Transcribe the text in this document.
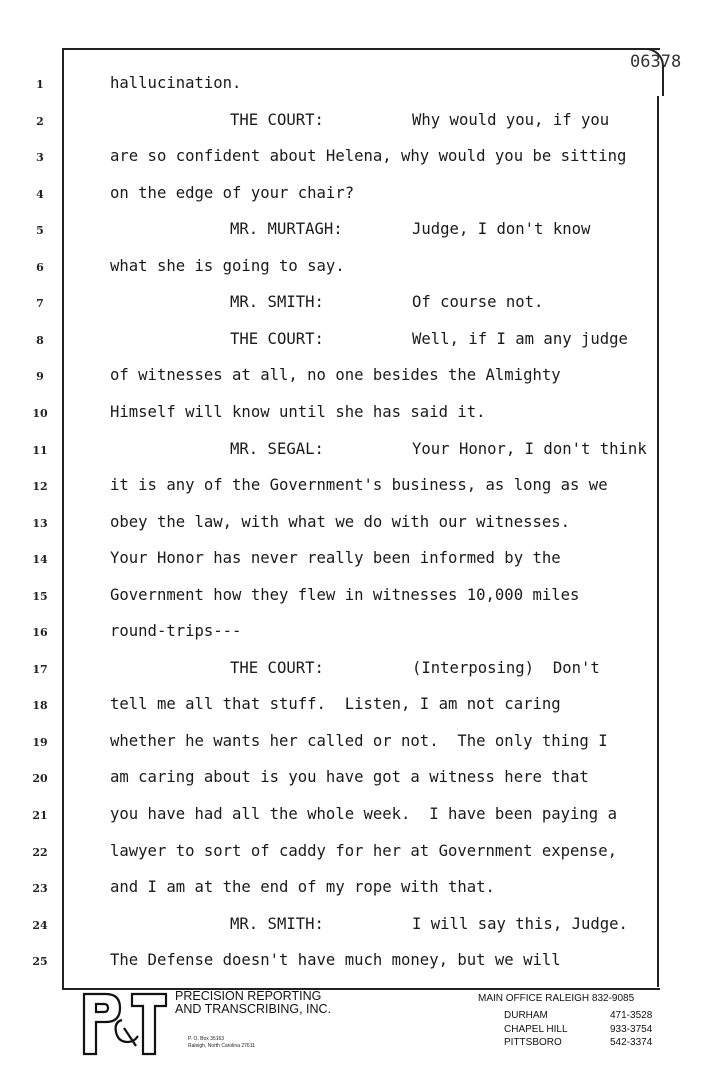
06378
1	hallucination.
2	THE COURT:	Why would you, if you
3	are so confident about Helena, why would you be sitting
4	on the edge of your chair?
5	MR. MURTAGH:	Judge, I don't know
6	what she is going to say.
7	MR. SMITH:	Of course not.
8	THE COURT:	Well, if I am any judge
9	of witnesses at all, no one besides the Almighty
10	Himself will know until she has said it.
11	MR. SEGAL:	Your Honor, I don't think
12	it is any of the Government's business, as long as we
13	obey the law, with what we do with our witnesses.
14	Your Honor has never really been informed by the
15	Government how they flew in witnesses 10,000 miles
16	round-trips---
17	THE COURT:	(Interposing)  Don't
18	tell me all that stuff.  Listen, I am not caring
19	whether he wants her called or not.  The only thing I
20	am caring about is you have got a witness here that
21	you have had all the whole week.  I have been paying a
22	lawyer to sort of caddy for her at Government expense,
23	and I am at the end of my rope with that.
24	MR. SMITH:	I will say this, Judge.
25	The Defense doesn't have much money, but we will
PRECISION REPORTING
AND TRANSCRIBING, INC.
P. O. Box 35163
Raleigh, North Carolina 27611
MAIN OFFICE RALEIGH 832-9085
DURHAM	471-3528
CHAPEL HILL	933-3754
PITTSBORO	542-3374
